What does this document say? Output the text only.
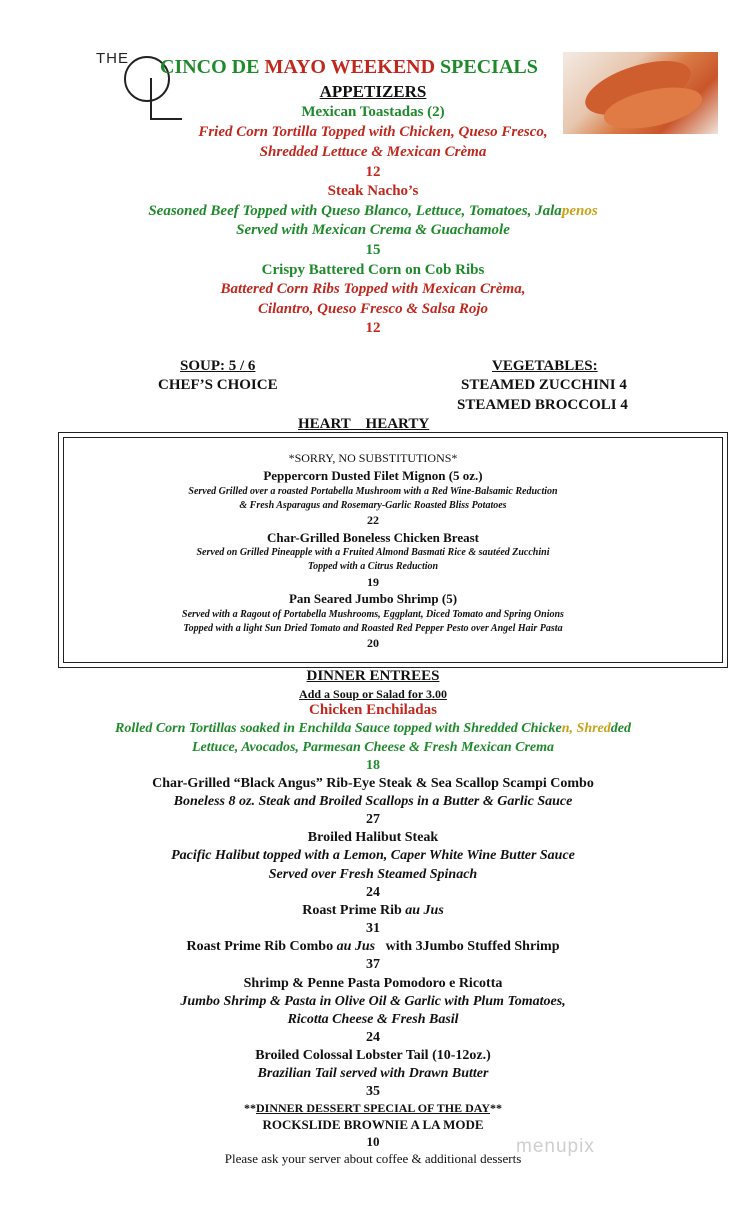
THE CINCO DE MAYO WEEKEND SPECIALS
APPETIZERS
Mexican Toastadas (2)
Fried Corn Tortilla Topped with Chicken, Queso Fresco,
Shredded Lettuce & Mexican Crèma
12
Steak Nacho’s
Seasoned Beef Topped with Queso Blanco, Lettuce, Tomatoes, Jalapenos
Served with Mexican Crema & Guachamole
15
Crispy Battered Corn on Cob Ribs
Battered Corn Ribs Topped with Mexican Crèma,
Cilantro, Queso Fresco & Salsa Rojo
12
SOUP: 5 / 6
CHEF’S CHOICE
VEGETABLES:
STEAMED ZUCCHINI 4
STEAMED BROCCOLI 4
HEART    HEARTY
*SORRY, NO SUBSTITUTIONS*
Peppercorn Dusted Filet Mignon (5 oz.)
Served Grilled over a roasted Portabella Mushroom with a Red Wine-Balsamic Reduction
& Fresh Asparagus and Rosemary-Garlic Roasted Bliss Potatoes
22
Char-Grilled Boneless Chicken Breast
Served on Grilled Pineapple with a Fruited Almond Basmati Rice & sautéed Zucchini
Topped with a Citrus Reduction
19
Pan Seared Jumbo Shrimp (5)
Served with a Ragout of Portabella Mushrooms, Eggplant, Diced Tomato and Spring Onions
Topped with a light Sun Dried Tomato and Roasted Red Pepper Pesto over Angel Hair Pasta
20
DINNER ENTREES
Add a Soup or Salad for 3.00
Chicken Enchiladas
Rolled Corn Tortillas soaked in Enchilda Sauce topped with Shredded Chicken, Shredded
Lettuce, Avocados, Parmesan Cheese & Fresh Mexican Crema
18
Char-Grilled “Black Angus” Rib-Eye Steak & Sea Scallop Scampi Combo
Boneless 8 oz. Steak and Broiled Scallops in a Butter & Garlic Sauce
27
Broiled Halibut Steak
Pacific Halibut topped with a Lemon, Caper White Wine Butter Sauce
Served over Fresh Steamed Spinach
24
Roast Prime Rib au Jus
31
Roast Prime Rib Combo au Jus   with 3Jumbo Stuffed Shrimp
37
Shrimp & Penne Pasta Pomodoro e Ricotta
Jumbo Shrimp & Pasta in Olive Oil & Garlic with Plum Tomatoes,
Ricotta Cheese & Fresh Basil
24
Broiled Colossal Lobster Tail (10-12oz.)
Brazilian Tail served with Drawn Butter
35
**DINNER DESSERT SPECIAL OF THE DAY**
ROCKSLIDE BROWNIE A LA MODE
10
Please ask your server about coffee & additional desserts
menupix
